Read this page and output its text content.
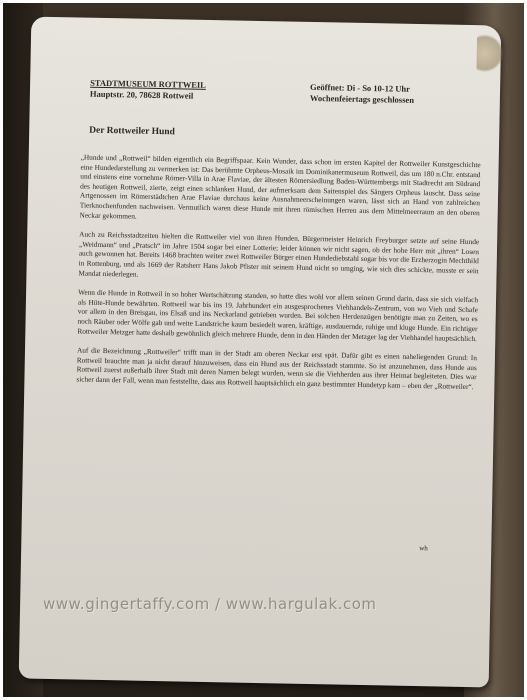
STADTMUSEUM ROTTWEIL
Hauptstr. 20, 78628 Rottweil
Geöffnet: Di - So 10-12 Uhr
Wochenfeiertags geschlossen
Der Rottweiler Hund

„Hunde und „Rottweil“ bilden eigentlich ein Begriffspaar. Kein Wunder, dass schon im ersten Kapitel der Rottweiler Kunstgeschichte eine Hundedarstellung zu vermerken ist: Das berühmte Orpheus-Mosaik im Dominikanermuseum Rottweil, das um 180 n.Chr. entstand und einstens eine vornehme Römer-Villa in Arae Flaviae, der ältesten Römersiedlung Baden-Württembergs mit Stadtrecht am Südrand des heutigen Rottweil, zierte, zeigt einen schlanken Hund, der aufmerksam dem Saitenspiel des Sängers Orpheus lauscht. Dass seine Artgenossen im Römerstädtchen Arae Flaviae durchaus keine Ausnahmeerscheinungen waren, lässt sich an Hand von zahlreichen Tierknochenfunden nachweisen. Vermutlich waren diese Hunde mit ihren römischen Herren aus dem Mittelmeerraum an den oberen Neckar gekommen.

Auch zu Reichsstadtzeiten hielten die Rottweiler viel von ihren Hunden. Bürgermeister Heinrich Freyburger setzte auf seine Hunde „Weidmann“ und „Pratsch“ im Jahre 1504 sogar bei einer Lotterie; leider können wir nicht sagen, ob der hohe Herr mit „ihren“ Losen auch gewonnen hat. Bereits 1468 brachten weiter zwei Rottweiler Bürger einen Hundediebstahl sogar bis vor die Erzherzogin Mechthild in Rottenburg, und als 1669 der Ratsherr Hans Jakob Pfister mit seinem Hund nicht so umging, wie sich dies schickte, musste er sein Mandat niederlegen.

Wenn die Hunde in Rottweil in so hoher Wertschätzung standen, so hatte dies wohl vor allem seinen Grund darin, dass sie sich vielfach als Hüte-Hunde bewährten. Rottweil war bis ins 19. Jahrhundert ein ausgesprochenes Viehhandels-Zentrum, von wo Vieh und Schafe vor allem in den Breisgau, ins Elsaß und ins Neckarland getrieben wurden. Bei solchen Herdenzügen benötigte man zu Zeiten, wo es noch Räuber oder Wölfe gab und weite Landstriche kaum besiedelt waren, kräftige, ausdauernde, ruhige und kluge Hunde. Ein richtiger Rottweiler Metzger hatte deshalb gewöhnlich gleich mehrere Hunde, denn in den Händen der Metzger lag der Viehhandel hauptsächlich.

Auf die Bezeichnung „Rottweiler“ trifft man in der Stadt am oberen Neckar erst spät. Dafür gibt es einen naheliegenden Grund: In Rottweil brauchte man ja nicht darauf hinzuweisen, dass ein Hund aus der Reichsstadt stammte. So ist anzunehmen, dass Hunde aus Rottweil zuerst außerhalb ihrer Stadt mit deren Namen belegt wurden, wenn sie die Viehherden aus ihrer Heimat begleiteten. Dies war sicher dann der Fall, wenn man feststellte, dass aus Rottweil hauptsächlich ein ganz bestimmter Hundetyp kam – eben der „Rottweiler“.

wh
www.gingertaffy.com / www.hargulak.com
